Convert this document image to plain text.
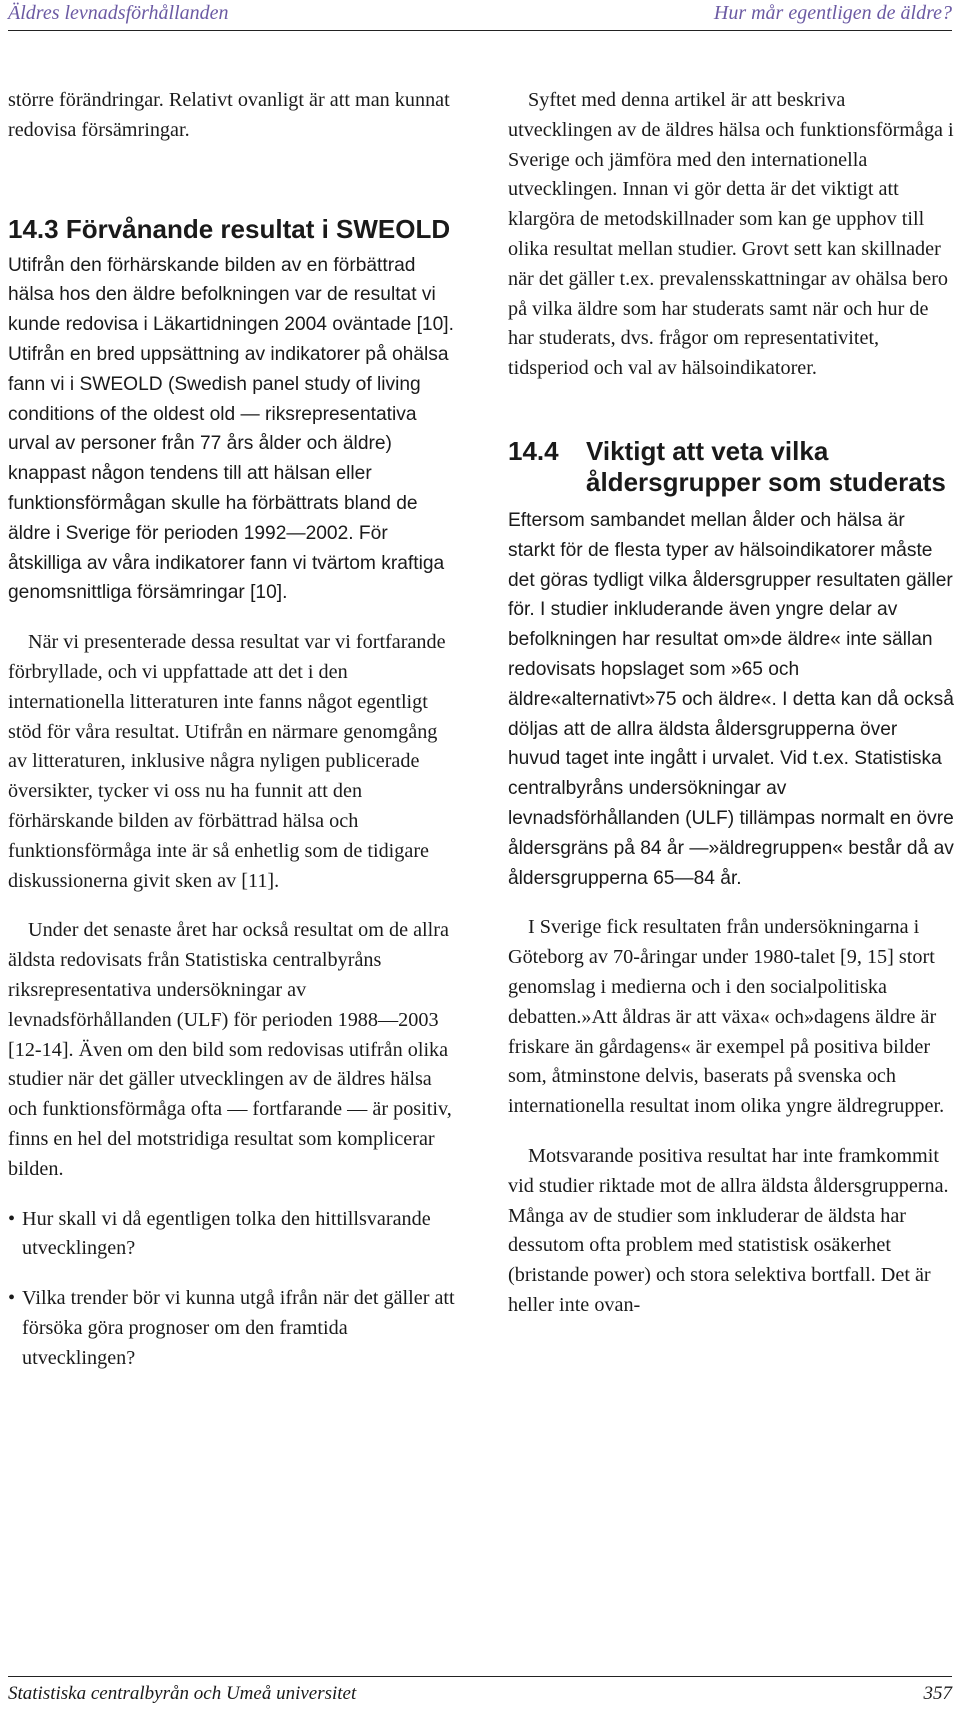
Äldres levnadsförhållanden	Hur mår egentligen de äldre?

större förändringar. Relativt ovanligt är att man kunnat redovisa försämringar.

14.3 Förvånande resultat i SWEOLD

Utifrån den förhärskande bilden av en förbättrad hälsa hos den äldre befolkningen var de resultat vi kunde redovisa i Läkartidningen 2004 oväntade [10].

Utifrån en bred uppsättning av indikatorer på ohälsa fann vi i SWEOLD (Swedish panel study of living conditions of the oldest old — riksrepresentativa urval av personer från 77 års ålder och äldre) knappast någon tendens till att hälsan eller funktionsförmågan skulle ha förbättrats bland de äldre i Sverige för perioden 1992—2002. För åtskilliga av våra indikatorer fann vi tvärtom kraftiga genomsnittliga försämringar [10].

När vi presenterade dessa resultat var vi fortfarande förbryllade, och vi uppfattade att det i den internationella litteraturen inte fanns något egentligt stöd för våra resultat. Utifrån en närmare genomgång av litteraturen, inklusive några nyligen publicerade översikter, tycker vi oss nu ha funnit att den förhärskande bilden av förbättrad hälsa och funktionsförmåga inte är så enhetlig som de tidigare diskussionerna givit sken av [11].

Under det senaste året har också resultat om de allra äldsta redovisats från Statistiska centralbyråns riksrepresentativa undersökningar av levnadsförhållanden (ULF) för perioden 1988—2003 [12-14]. Även om den bild som redovisas utifrån olika studier när det gäller utvecklingen av de äldres hälsa och funktionsförmåga ofta — fortfarande — är positiv, finns en hel del motstridiga resultat som komplicerar bilden.

• Hur skall vi då egentligen tolka den hittillsvarande utvecklingen?

• Vilka trender bör vi kunna utgå ifrån när det gäller att försöka göra prognoser om den framtida utvecklingen?

Syftet med denna artikel är att beskriva utvecklingen av de äldres hälsa och funktionsförmåga i Sverige och jämföra med den internationella utvecklingen. Innan vi gör detta är det viktigt att klargöra de metodskillnader som kan ge upphov till olika resultat mellan studier. Grovt sett kan skillnader när det gäller t.ex. prevalensskattningar av ohälsa bero på vilka äldre som har studerats samt när och hur de har studerats, dvs. frågor om representativitet, tidsperiod och val av hälsoindikatorer.

14.4 Viktigt att veta vilka åldersgrupper som studerats

Eftersom sambandet mellan ålder och hälsa är starkt för de flesta typer av hälsoindikatorer måste det göras tydligt vilka åldersgrupper resultaten gäller för. I studier inkluderande även yngre delar av befolkningen har resultat om»de äldre« inte sällan redovisats hopslaget som »65 och äldre«alternativt»75 och äldre«. I detta kan då också döljas att de allra äldsta åldersgrupperna över huvud taget inte ingått i urvalet. Vid t.ex. Statistiska centralbyråns undersökningar av levnadsförhållanden (ULF) tillämpas normalt en övre åldersgräns på 84 år —»äldregruppen« består då av åldersgrupperna 65—84 år.

I Sverige fick resultaten från undersökningarna i Göteborg av 70-åringar under 1980-talet [9, 15] stort genomslag i medierna och i den socialpolitiska debatten.»Att åldras är att växa« och»dagens äldre är friskare än gårdagens« är exempel på positiva bilder som, åtminstone delvis, baserats på svenska och internationella resultat inom olika yngre äldregrupper.

Motsvarande positiva resultat har inte framkommit vid studier riktade mot de allra äldsta åldersgrupperna. Många av de studier som inkluderar de äldsta har dessutom ofta problem med statistisk osäkerhet (bristande power) och stora selektiva bortfall. Det är heller inte ovan-

Statistiska centralbyrån och Umeå universitet	357
